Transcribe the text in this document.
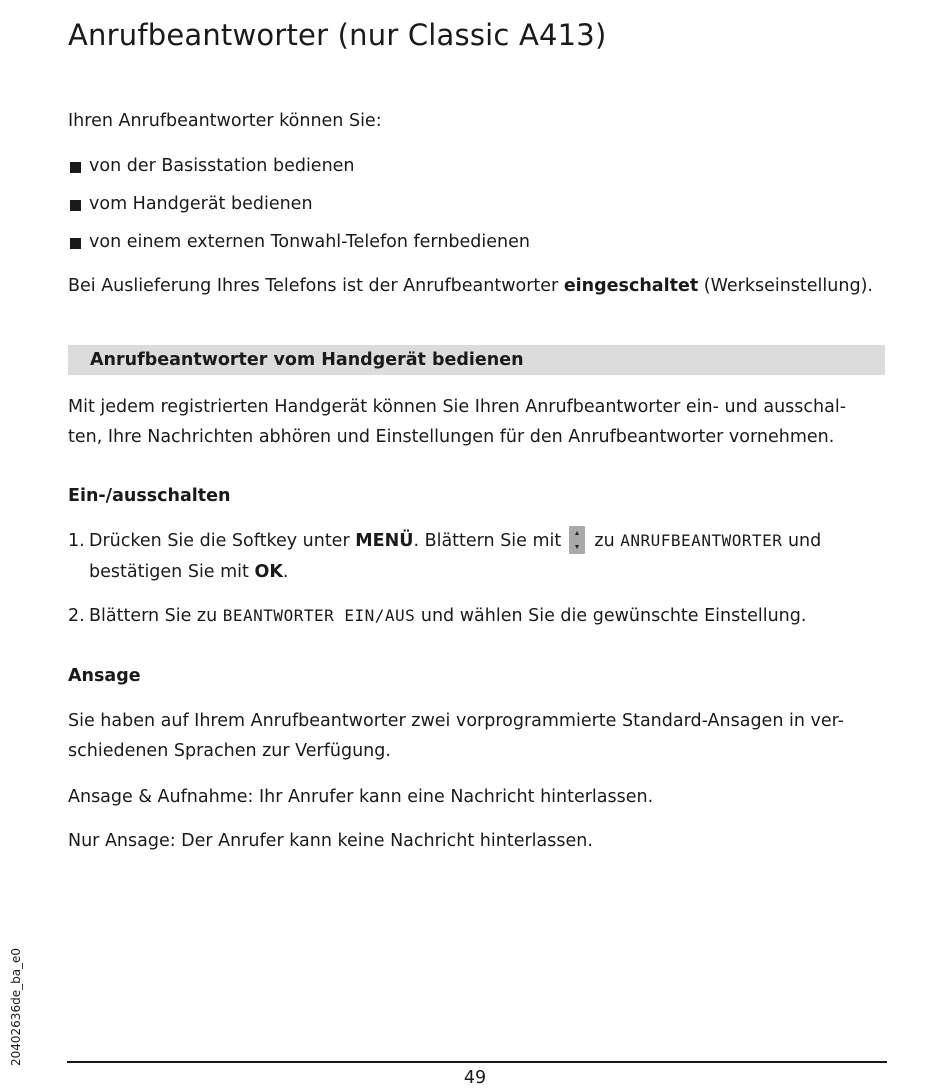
Anrufbeantworter (nur Classic A413)

Ihren Anrufbeantworter können Sie:

von der Basisstation bedienen
vom Handgerät bedienen
von einem externen Tonwahl-Telefon fernbedienen

Bei Auslieferung Ihres Telefons ist der Anrufbeantworter eingeschaltet (Werkseinstellung).

Anrufbeantworter vom Handgerät bedienen

Mit jedem registrierten Handgerät können Sie Ihren Anrufbeantworter ein- und ausschal-

ten, Ihre Nachrichten abhören und Einstellungen für den Anrufbeantworter vornehmen.

Ein-/ausschalten

1. Drücken Sie die Softkey unter MENÜ. Blättern Sie mit
zu ANRUFBEANTWORTER und

bestätigen Sie mit OK.

2. Blättern Sie zu BEANTWORTER EIN/AUS und wählen Sie die gewünschte Einstellung.

Ansage

Sie haben auf Ihrem Anrufbeantworter zwei vorprogrammierte Standard-Ansagen in ver-

schiedenen Sprachen zur Verfügung.

Ansage & Aufnahme: Ihr Anrufer kann eine Nachricht hinterlassen.

Nur Ansage: Der Anrufer kann keine Nachricht hinterlassen.

20402636de_ba_e0
49
